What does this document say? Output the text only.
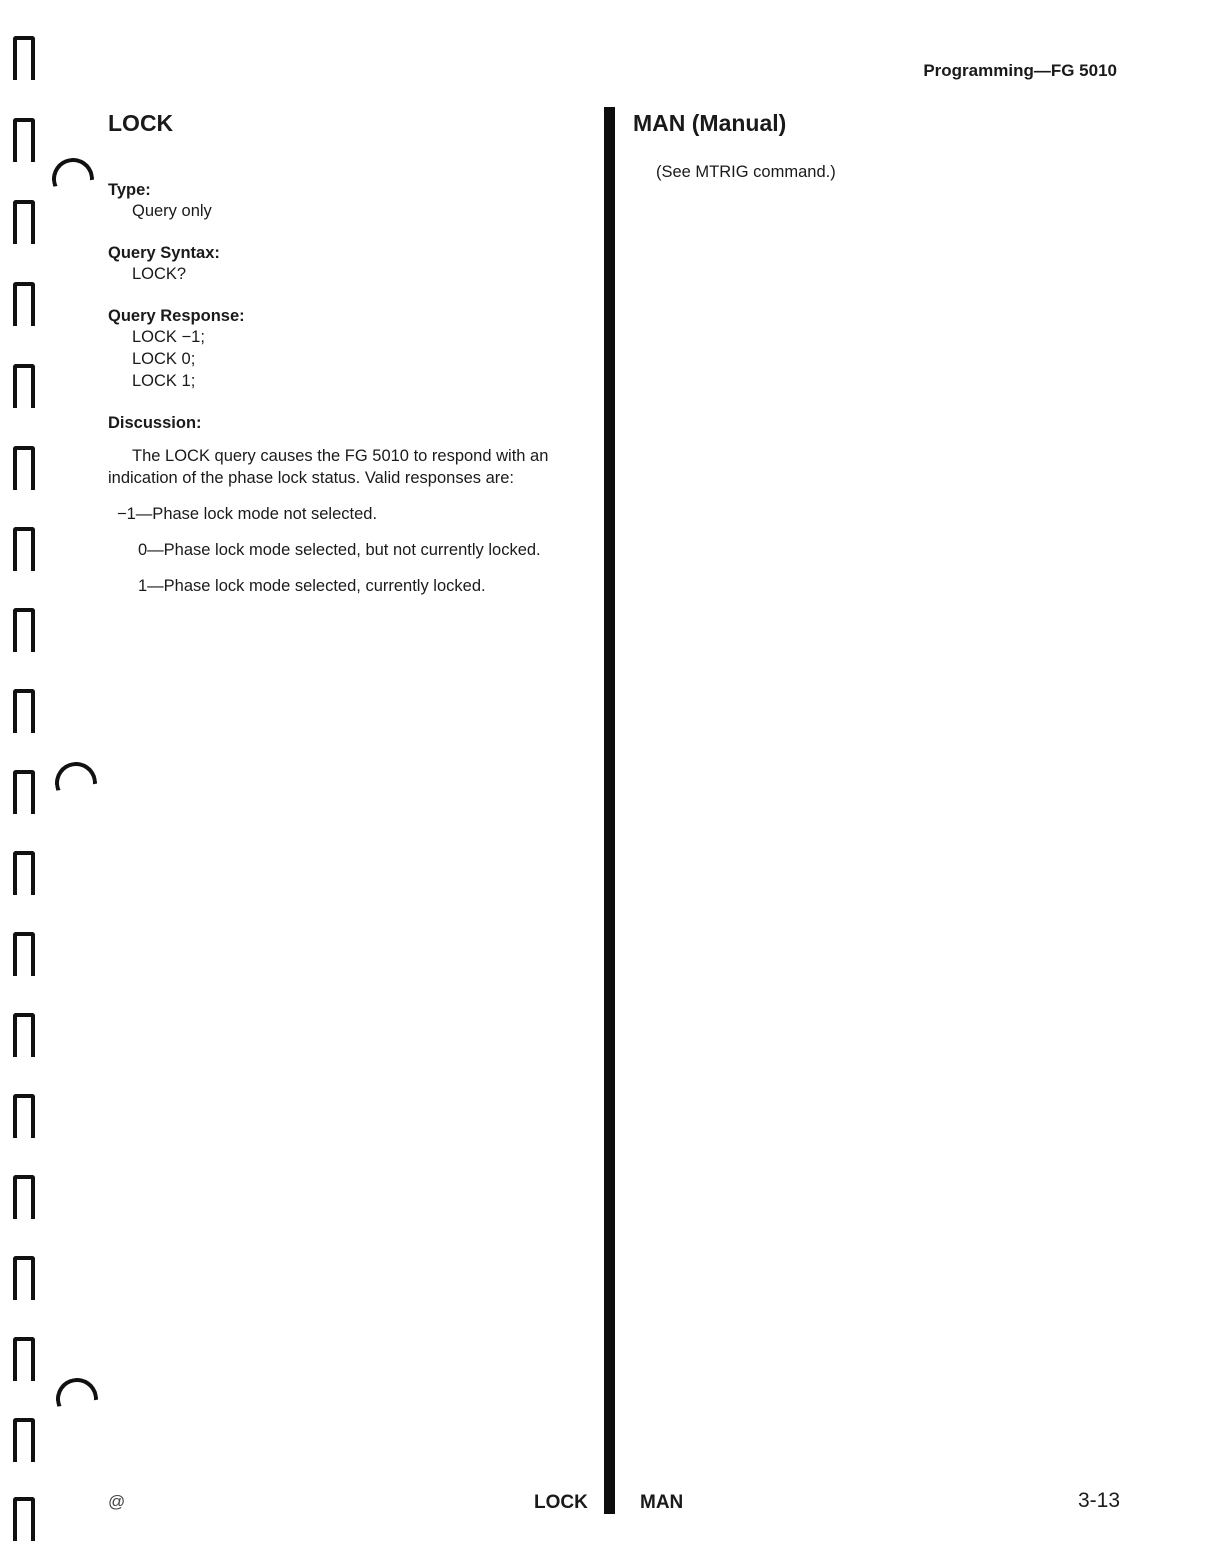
Programming—FG 5010
LOCK
Type:
Query only
Query Syntax:
LOCK?
Query Response:
LOCK −1;
LOCK 0;
LOCK 1;
Discussion:
The LOCK query causes the FG 5010 to respond with an indication of the phase lock status. Valid responses are:
−1—Phase lock mode not selected.
0—Phase lock mode selected, but not currently locked.
1—Phase lock mode selected, currently locked.
MAN (Manual)
(See MTRIG command.)
@	LOCK	MAN	3-13
